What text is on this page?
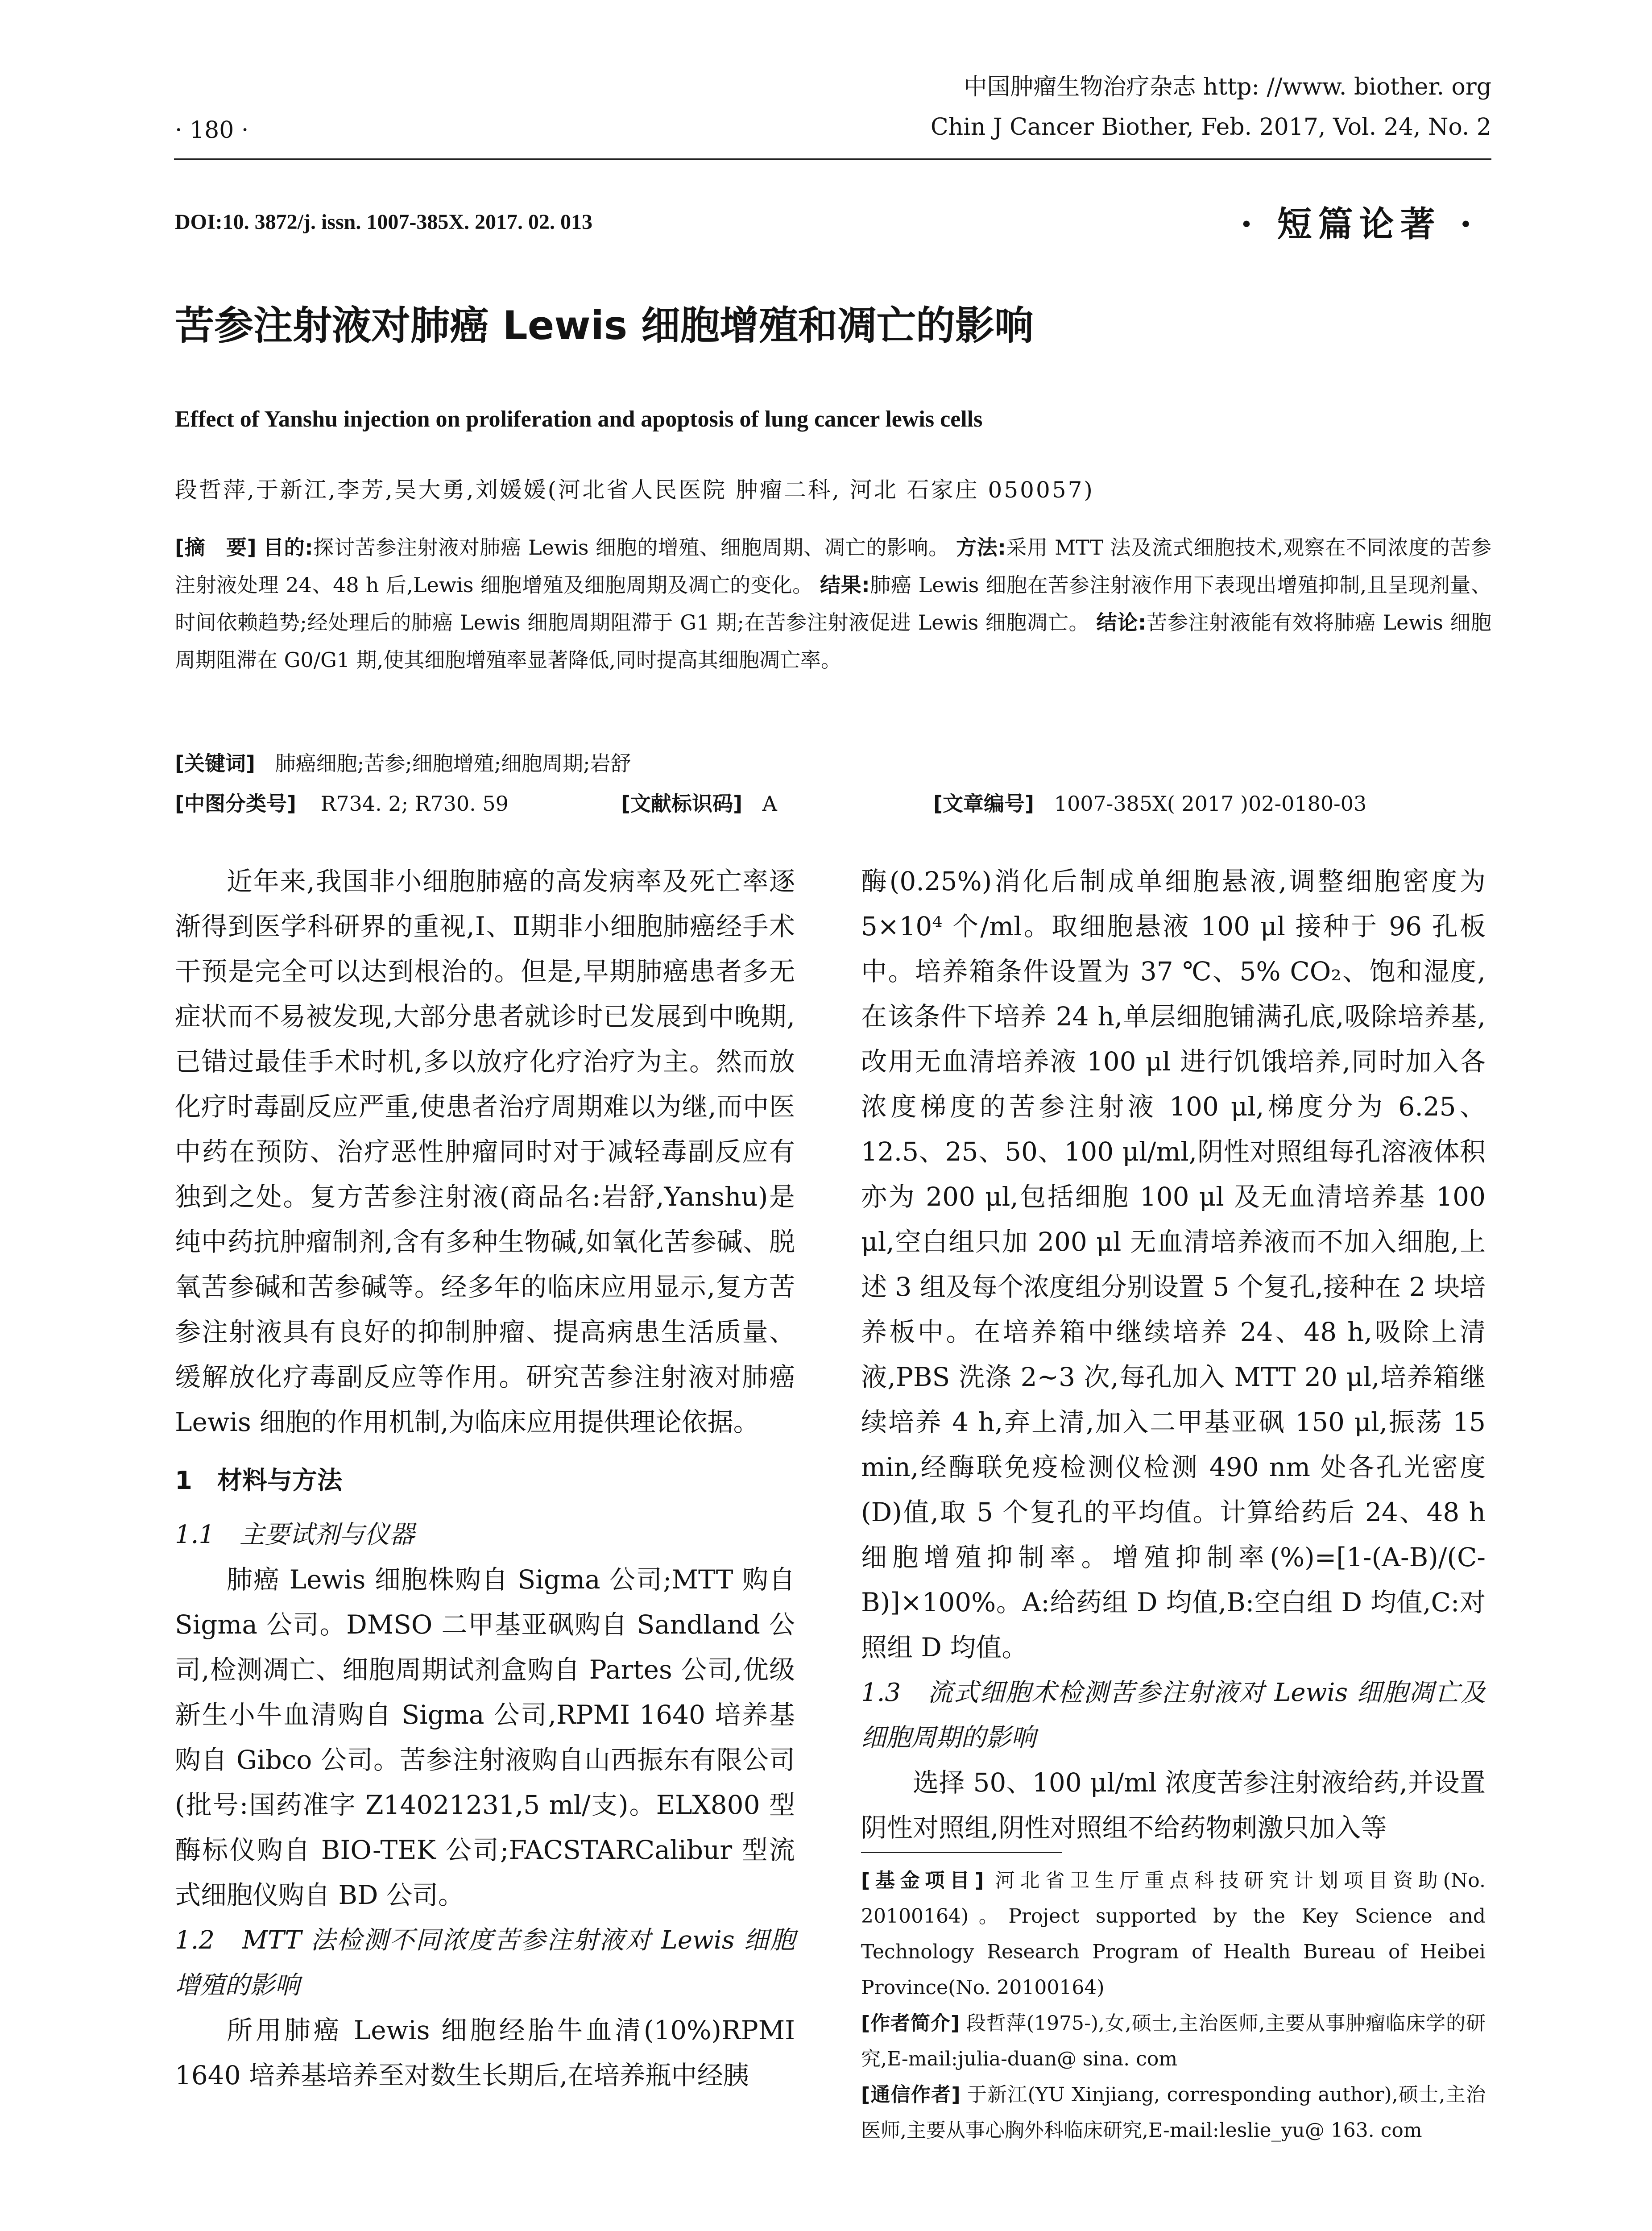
中国肿瘤生物治疗杂志 http: //www. biother. org
Chin J Cancer Biother, Feb. 2017, Vol. 24, No. 2
· 180 ·
DOI:10. 3872/j. issn. 1007-385X. 2017. 02. 013	· 短篇论著 ·
苦参注射液对肺癌 Lewis 细胞增殖和凋亡的影响
Effect of Yanshu injection on proliferation and apoptosis of lung cancer lewis cells
段哲萍,于新江,李芳,吴大勇,刘媛媛(河北省人民医院 肿瘤二科, 河北 石家庄 050057)
[摘　要] 目的:探讨苦参注射液对肺癌 Lewis 细胞的增殖、细胞周期、凋亡的影响。 方法:采用 MTT 法及流式细胞技术,观察在不同浓度的苦参注射液处理 24、48 h 后,Lewis 细胞增殖及细胞周期及凋亡的变化。 结果:肺癌 Lewis 细胞在苦参注射液作用下表现出增殖抑制,且呈现剂量、时间依赖趋势;经处理后的肺癌 Lewis 细胞周期阻滞于 G1 期;在苦参注射液促进 Lewis 细胞凋亡。 结论:苦参注射液能有效将肺癌 Lewis 细胞周期阻滞在 G0/G1 期,使其细胞增殖率显著降低,同时提高其细胞凋亡率。
[关键词] 肺癌细胞;苦参;细胞增殖;细胞周期;岩舒
[中图分类号] R734. 2; R730. 59	[文献标识码] A	[文章编号] 1007-385X( 2017 )02-0180-03

近年来,我国非小细胞肺癌的高发病率及死亡率逐渐得到医学科研界的重视,Ⅰ、Ⅱ期非小细胞肺癌经手术干预是完全可以达到根治的。但是,早期肺癌患者多无症状而不易被发现,大部分患者就诊时已发展到中晚期,已错过最佳手术时机,多以放疗化疗治疗为主。然而放化疗时毒副反应严重,使患者治疗周期难以为继,而中医中药在预防、治疗恶性肿瘤同时对于减轻毒副反应有独到之处。复方苦参注射液(商品名:岩舒,Yanshu)是纯中药抗肿瘤制剂,含有多种生物碱,如氧化苦参碱、脱氧苦参碱和苦参碱等。经多年的临床应用显示,复方苦参注射液具有良好的抑制肿瘤、提高病患生活质量、缓解放化疗毒副反应等作用。研究苦参注射液对肺癌 Lewis 细胞的作用机制,为临床应用提供理论依据。

1　材料与方法

1.1　主要试剂与仪器

肺癌 Lewis 细胞株购自 Sigma 公司;MTT 购自 Sigma 公司。DMSO 二甲基亚砜购自 Sandland 公司,检测凋亡、细胞周期试剂盒购自 Partes 公司,优级新生小牛血清购自 Sigma 公司,RPMI 1640 培养基购自 Gibco 公司。苦参注射液购自山西振东有限公司(批号:国药准字 Z14021231,5 ml/支)。ELX800 型酶标仪购自 BIO-TEK 公司;FACSTARCalibur 型流式细胞仪购自 BD 公司。

1.2　MTT 法检测不同浓度苦参注射液对 Lewis 细胞增殖的影响

所用肺癌 Lewis 细胞经胎牛血清(10%)RPMI 1640 培养基培养至对数生长期后,在培养瓶中经胰

酶(0.25%)消化后制成单细胞悬液,调整细胞密度为 5×10⁴ 个/ml。取细胞悬液 100 μl 接种于 96 孔板中。培养箱条件设置为 37 ℃、5% CO₂、饱和湿度,在该条件下培养 24 h,单层细胞铺满孔底,吸除培养基,改用无血清培养液 100 μl 进行饥饿培养,同时加入各浓度梯度的苦参注射液 100 μl,梯度分为 6.25、12.5、25、50、100 μl/ml,阴性对照组每孔溶液体积亦为 200 μl,包括细胞 100 μl 及无血清培养基 100 μl,空白组只加 200 μl 无血清培养液而不加入细胞,上述 3 组及每个浓度组分别设置 5 个复孔,接种在 2 块培养板中。在培养箱中继续培养 24、48 h,吸除上清液,PBS 洗涤 2~3 次,每孔加入 MTT 20 μl,培养箱继续培养 4 h,弃上清,加入二甲基亚砜 150 μl,振荡 15 min,经酶联免疫检测仪检测 490 nm 处各孔光密度(D)值,取 5 个复孔的平均值。计算给药后 24、48 h 细胞增殖抑制率。增殖抑制率(%)=[1-(A-B)/(C-B)]×100%。A:给药组 D 均值,B:空白组 D 均值,C:对照组 D 均值。

1.3　流式细胞术检测苦参注射液对 Lewis 细胞凋亡及细胞周期的影响

选择 50、100 μl/ml 浓度苦参注射液给药,并设置阴性对照组,阴性对照组不给药物刺激只加入等

[基金项目] 河北省卫生厅重点科技研究计划项目资助(No. 20100164)。Project supported by the Key Science and Technology Research Program of Health Bureau of Heibei Province(No. 20100164)

[作者简介] 段哲萍(1975-),女,硕士,主治医师,主要从事肿瘤临床学的研究,E-mail:julia-duan@ sina. com

[通信作者] 于新江(YU Xinjiang, corresponding author),硕士,主治医师,主要从事心胸外科临床研究,E-mail:leslie_yu@ 163. com
